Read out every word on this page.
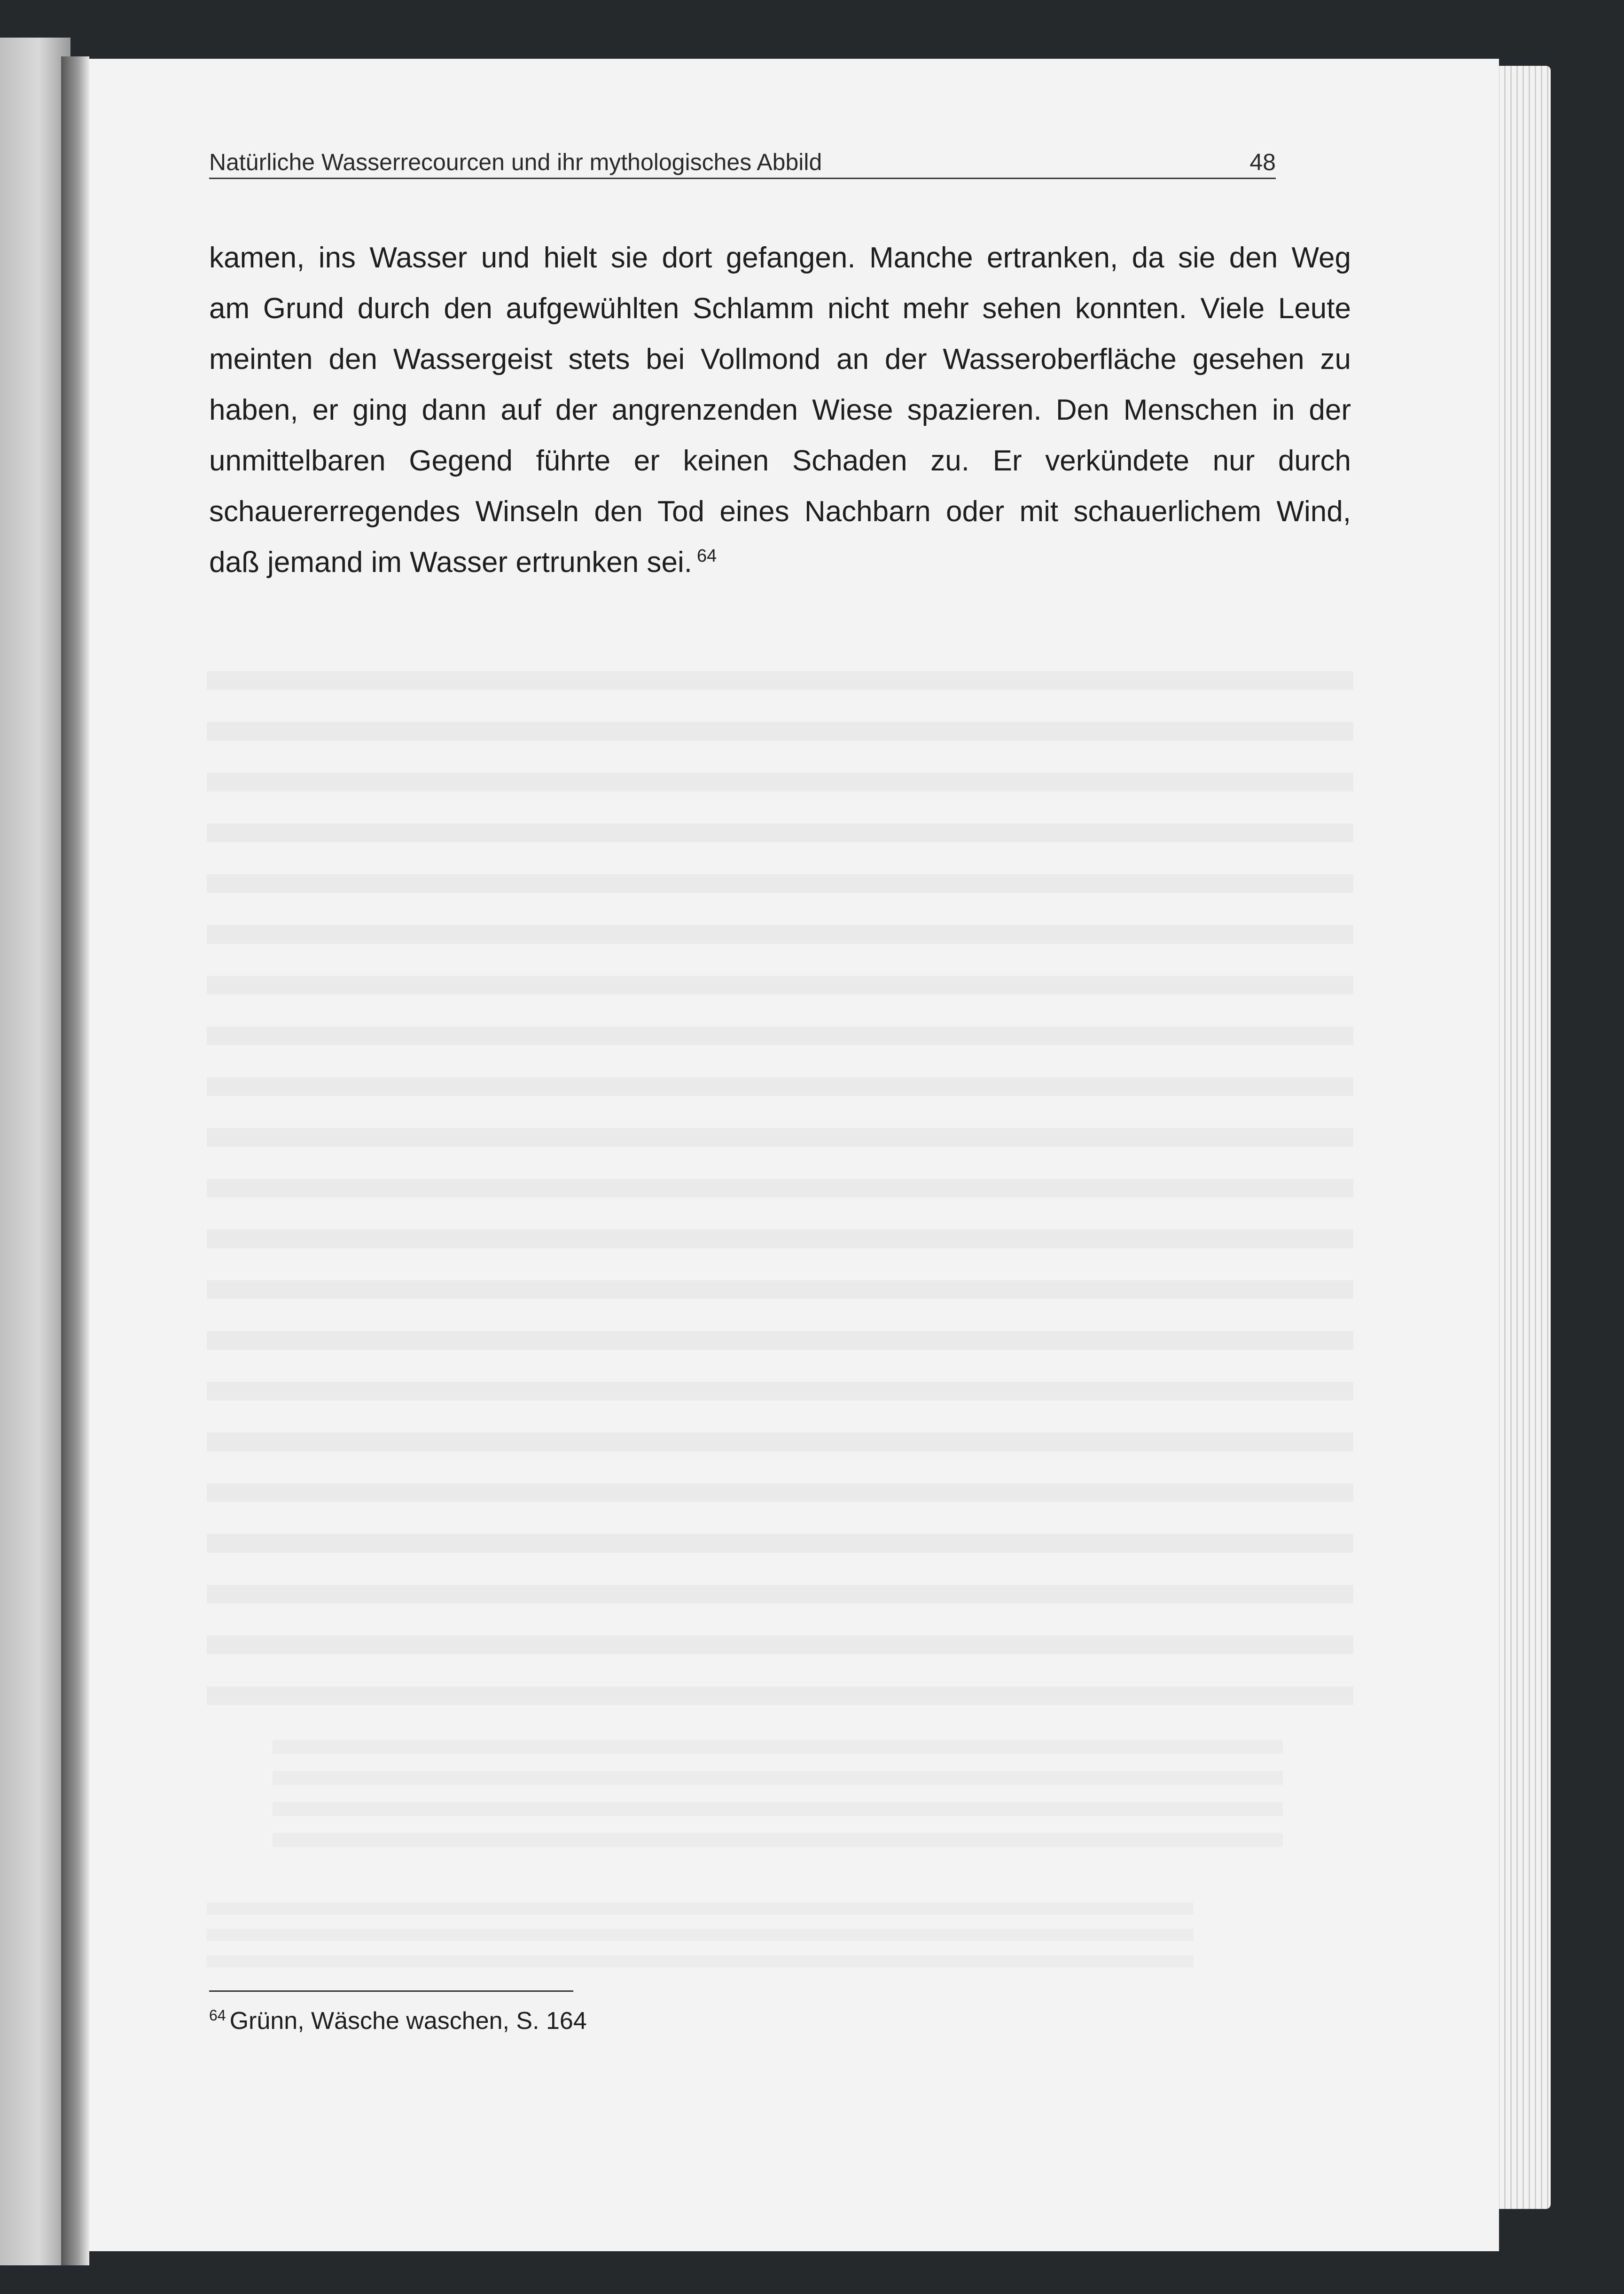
Natürliche Wasserrecourcen und ihr mythologisches Abbild	48
kamen, ins Wasser und hielt sie dort gefangen. Manche ertranken, da sie den Weg
am Grund durch den aufgewühlten Schlamm nicht mehr sehen konnten. Viele Leute
meinten den Wassergeist stets bei Vollmond an der Wasseroberfläche gesehen zu
haben, er ging dann auf der angrenzenden Wiese spazieren. Den Menschen in der
unmittelbaren Gegend führte er keinen Schaden zu. Er verkündete nur durch
schauererregendes Winseln den Tod eines Nachbarn oder mit schauerlichem Wind,
daß jemand im Wasser ertrunken sei. $^{64}$
$^{64}$ Grünn, Wäsche waschen, S. 164
